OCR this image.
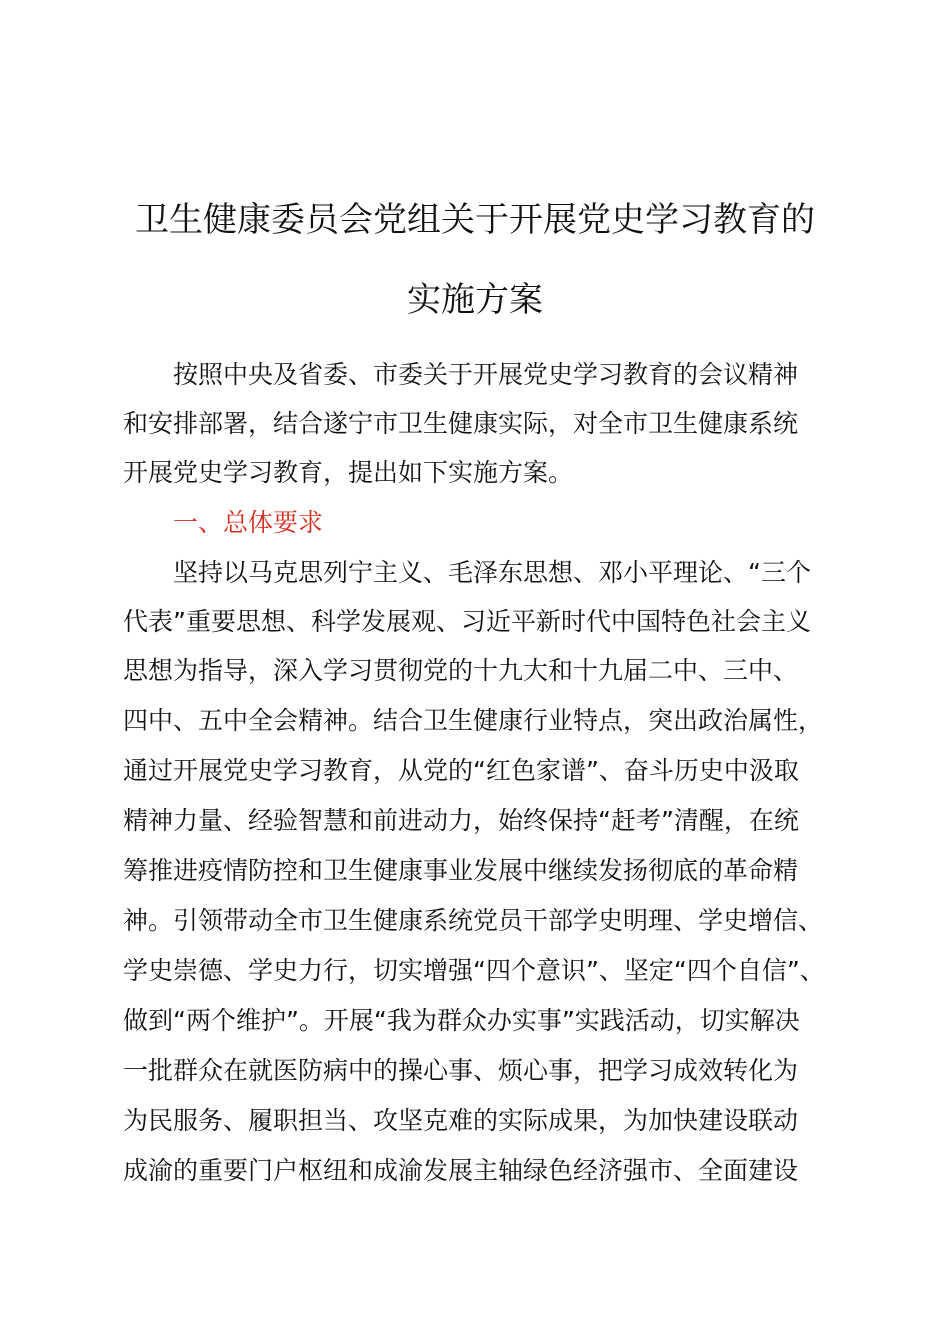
卫生健康委员会党组关于开展党史学习教育的
实施方案
按照中央及省委、市委关于开展党史学习教育的会议精神
和安排部署，结合遂宁市卫生健康实际，对全市卫生健康系统
开展党史学习教育，提出如下实施方案。
一、总体要求
坚持以马克思列宁主义、毛泽东思想、邓小平理论、“三个
代表”重要思想、科学发展观、习近平新时代中国特色社会主义
思想为指导，深入学习贯彻党的十九大和十九届二中、三中、
四中、五中全会精神。结合卫生健康行业特点，突出政治属性，
通过开展党史学习教育，从党的“红色家谱”、奋斗历史中汲取
精神力量、经验智慧和前进动力，始终保持“赶考”清醒，在统
筹推进疫情防控和卫生健康事业发展中继续发扬彻底的革命精
神。引领带动全市卫生健康系统党员干部学史明理、学史增信、
学史崇德、学史力行，切实增强“四个意识”、坚定“四个自信”、
做到“两个维护”。开展“我为群众办实事”实践活动，切实解决
一批群众在就医防病中的操心事、烦心事，把学习成效转化为
为民服务、履职担当、攻坚克难的实际成果，为加快建设联动
成渝的重要门户枢纽和成渝发展主轴绿色经济强市、全面建设
